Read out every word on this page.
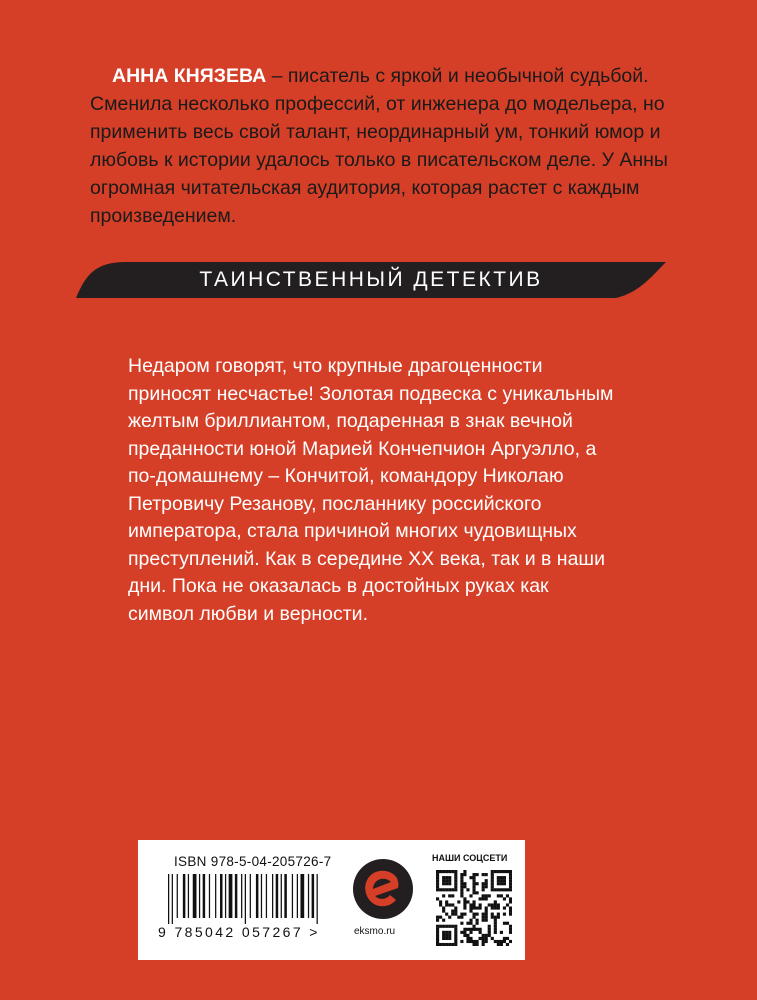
АННА КНЯЗЕВА – писатель с яркой и необычной судьбой. Сменила несколько профессий, от инженера до модельера, но применить весь свой талант, неординарный ум, тонкий юмор и любовь к истории удалось только в писательском деле. У Анны огромная читательская аудитория, которая растет с каждым произведением.

ТАИНСТВЕННЫЙ ДЕТЕКТИВ

Недаром говорят, что крупные драгоценности приносят несчастье! Золотая подвеска с уникальным желтым бриллиантом, подаренная в знак вечной преданности юной Марией Кончепчион Аргуэлло, а по-домашнему – Кончитой, командору Николаю Петровичу Резанову, посланнику российского императора, стала причиной многих чудовищных преступлений. Как в середине XX века, так и в наши дни. Пока не оказалась в достойных руках как символ любви и верности.

ISBN 978-5-04-205726-7
9 785042 057267 >	eksmo.ru
НАШИ СОЦСЕТИ
